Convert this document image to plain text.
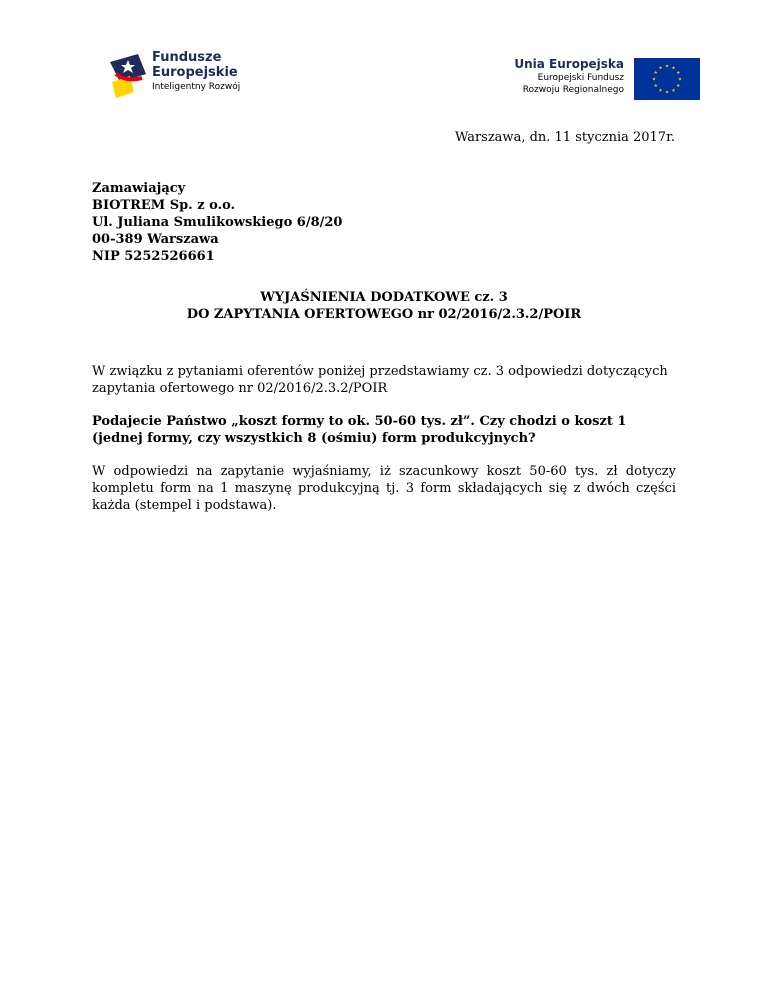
Fundusze
Europejskie
Inteligentny Rozwój
Unia Europejska
Europejski Fundusz
Rozwoju Regionalnego
Warszawa, dn. 11 stycznia 2017r.
Zamawiający
BIOTREM Sp. z o.o.
Ul. Juliana Smulikowskiego 6/8/20
00-389 Warszawa
NIP 5252526661
WYJAŚNIENIA DODATKOWE cz. 3
DO ZAPYTANIA OFERTOWEGO nr 02/2016/2.3.2/POIR

W związku z pytaniami oferentów poniżej przedstawiamy cz. 3 odpowiedzi dotyczących zapytania ofertowego nr 02/2016/2.3.2/POIR

Podajecie Państwo „koszt formy to ok. 50-60 tys. zł”. Czy chodzi o koszt 1 (jednej formy, czy wszystkich 8 (ośmiu) form produkcyjnych?

W odpowiedzi na zapytanie wyjaśniamy, iż szacunkowy koszt 50-60 tys. zł dotyczy kompletu form na 1 maszynę produkcyjną tj. 3 form składających się z dwóch części każda (stempel i podstawa).
